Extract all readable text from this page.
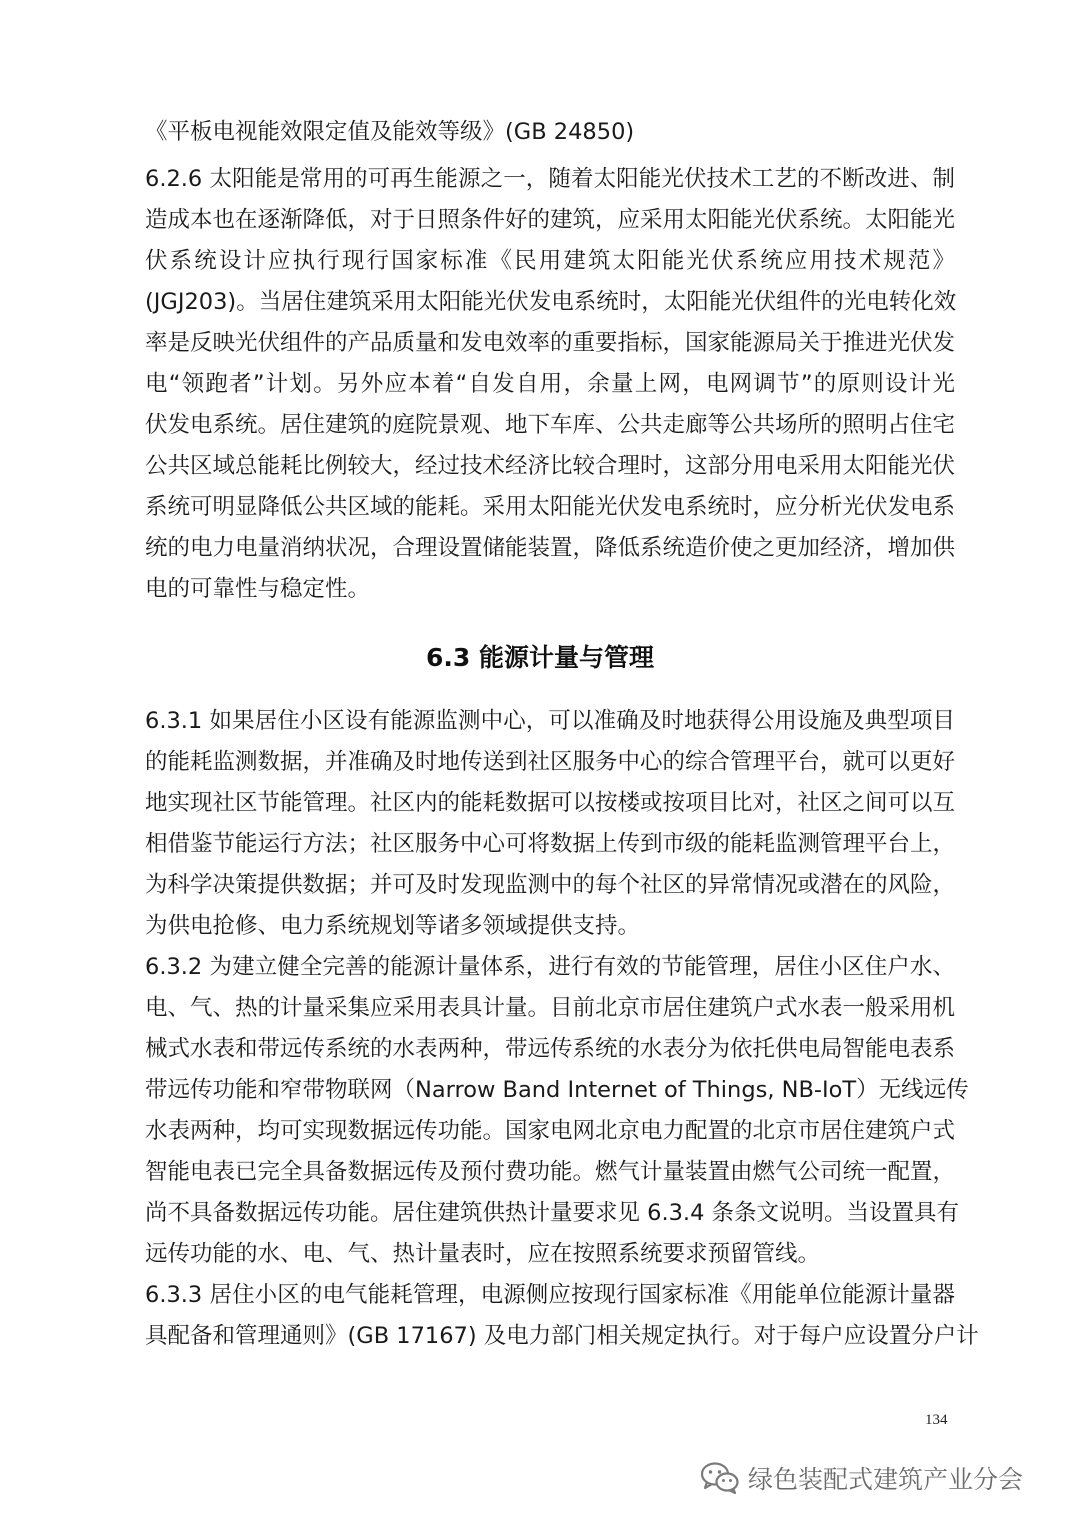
《平板电视能效限定值及能效等级》(GB 24850)
6.2.6 太阳能是常用的可再生能源之一，随着太阳能光伏技术工艺的不断改进、制
造成本也在逐渐降低，对于日照条件好的建筑，应采用太阳能光伏系统。太阳能光
伏系统设计应执行现行国家标准《民用建筑太阳能光伏系统应用技术规范》
(JGJ203)。当居住建筑采用太阳能光伏发电系统时，太阳能光伏组件的光电转化效
率是反映光伏组件的产品质量和发电效率的重要指标，国家能源局关于推进光伏发
电“领跑者”计划。另外应本着“自发自用，余量上网，电网调节”的原则设计光
伏发电系统。居住建筑的庭院景观、地下车库、公共走廊等公共场所的照明占住宅
公共区域总能耗比例较大，经过技术经济比较合理时，这部分用电采用太阳能光伏
系统可明显降低公共区域的能耗。采用太阳能光伏发电系统时，应分析光伏发电系
统的电力电量消纳状况，合理设置储能装置，降低系统造价使之更加经济，增加供
电的可靠性与稳定性。
6.3 能源计量与管理
6.3.1 如果居住小区设有能源监测中心，可以准确及时地获得公用设施及典型项目
的能耗监测数据，并准确及时地传送到社区服务中心的综合管理平台，就可以更好
地实现社区节能管理。社区内的能耗数据可以按楼或按项目比对，社区之间可以互
相借鉴节能运行方法；社区服务中心可将数据上传到市级的能耗监测管理平台上，
为科学决策提供数据；并可及时发现监测中的每个社区的异常情况或潜在的风险，
为供电抢修、电力系统规划等诸多领域提供支持。
6.3.2 为建立健全完善的能源计量体系，进行有效的节能管理，居住小区住户水、
电、气、热的计量采集应采用表具计量。目前北京市居住建筑户式水表一般采用机
械式水表和带远传系统的水表两种，带远传系统的水表分为依托供电局智能电表系
带远传功能和窄带物联网（Narrow Band Internet of Things, NB-IoT）无线远传
水表两种，均可实现数据远传功能。国家电网北京电力配置的北京市居住建筑户式
智能电表已完全具备数据远传及预付费功能。燃气计量装置由燃气公司统一配置，
尚不具备数据远传功能。居住建筑供热计量要求见 6.3.4 条条文说明。当设置具有
远传功能的水、电、气、热计量表时，应在按照系统要求预留管线。
6.3.3 居住小区的电气能耗管理，电源侧应按现行国家标准《用能单位能源计量器
具配备和管理通则》(GB 17167) 及电力部门相关规定执行。对于每户应设置分户计
134
绿色装配式建筑产业分会
